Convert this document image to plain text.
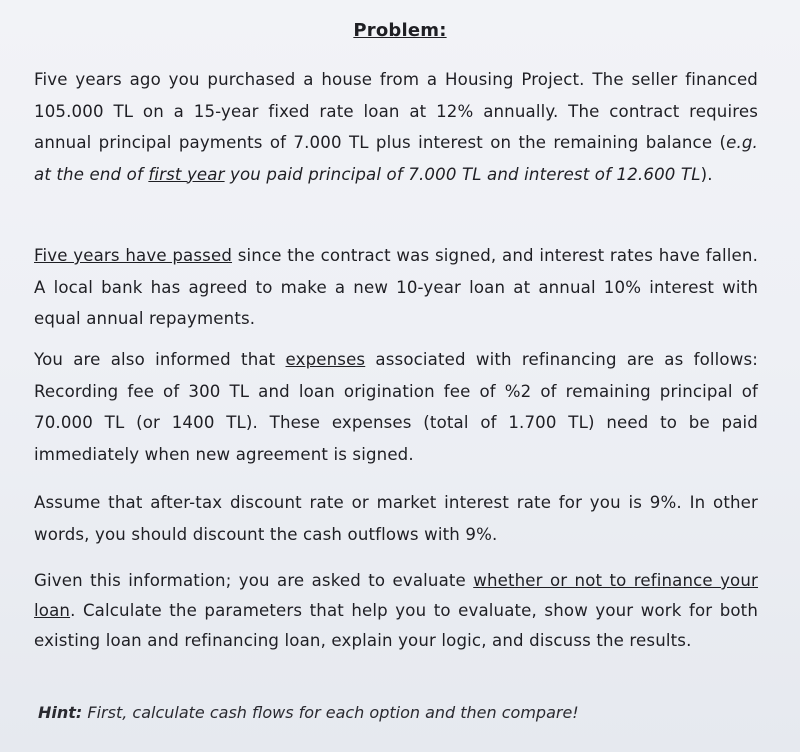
Problem:
Five years ago you purchased a house from a Housing Project. The seller financed 105.000 TL on a 15-year fixed rate loan at 12% annually. The contract requires annual principal payments of 7.000 TL plus interest on the remaining balance (e.g. at the end of first year you paid principal of 7.000 TL and interest of 12.600 TL).
Five years have passed since the contract was signed, and interest rates have fallen. A local bank has agreed to make a new 10-year loan at annual 10% interest with equal annual repayments.
You are also informed that expenses associated with refinancing are as follows: Recording fee of 300 TL and loan origination fee of %2 of remaining principal of 70.000 TL (or 1400 TL). These expenses (total of 1.700 TL) need to be paid immediately when new agreement is signed.
Assume that after-tax discount rate or market interest rate for you is 9%. In other words, you should discount the cash outflows with 9%.
Given this information; you are asked to evaluate whether or not to refinance your loan. Calculate the parameters that help you to evaluate, show your work for both existing loan and refinancing loan, explain your logic, and discuss the results.
Hint: First, calculate cash flows for each option and then compare!
